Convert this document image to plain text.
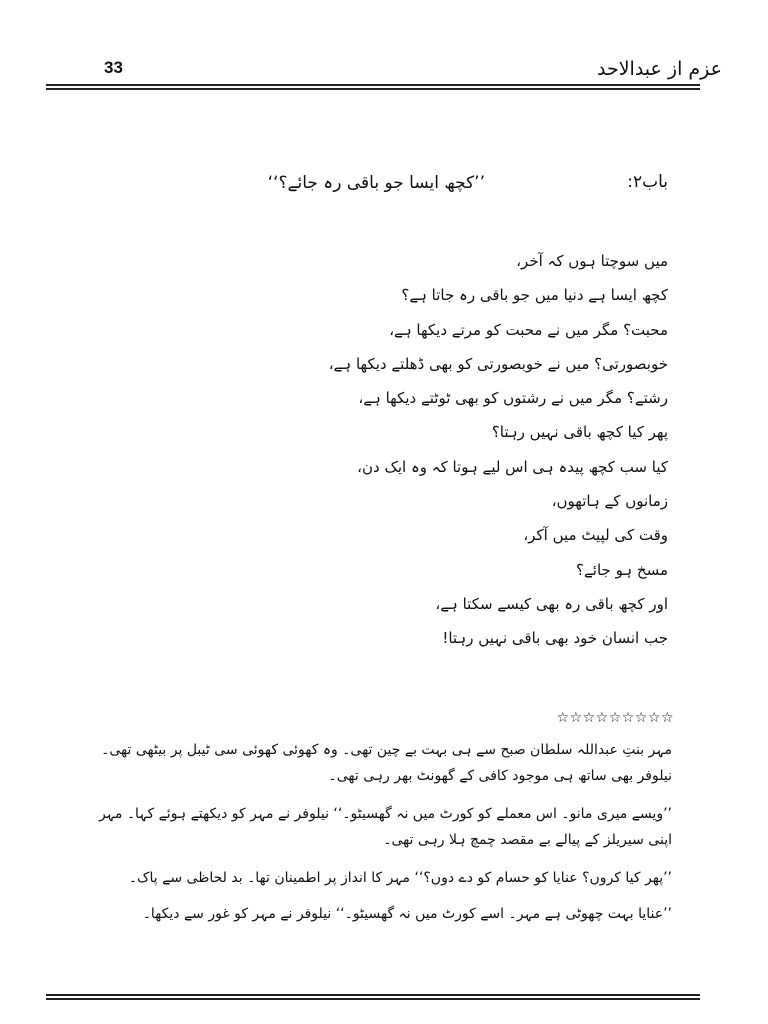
عزم از عبدالاحد
33
باب۲:
’’کچھ ایسا جو باقی رہ جائے؟‘‘
میں سوچتا ہوں کہ آخر،
کچھ ایسا ہے دنیا میں جو باقی رہ جاتا ہے؟
محبت؟ مگر میں نے محبت کو مرتے دیکھا ہے،
خوبصورتی؟ میں نے خوبصورتی کو بھی ڈھلتے دیکھا ہے،
رشتے؟ مگر میں نے رشتوں کو بھی ٹوٹتے دیکھا ہے،
پھر کیا کچھ باقی نہیں رہتا؟
کیا سب کچھ پیدہ ہی اس لیے ہوتا کہ وہ ایک دن،
زمانوں کے ہاتھوں،
وقت کی لپیٹ میں آکر،
مسخ ہو جائے؟
اور کچھ باقی رہ بھی کیسے سکتا ہے،
جب انسان خود بھی باقی نہیں رہتا!
☆☆☆☆☆☆☆☆☆

مہر بنتِ عبداللہ سلطان صبح سے ہی بہت بے چین تھی۔ وہ کھوئی کھوئی سی ٹیبل پر بیٹھی تھی۔ نیلوفر بھی ساتھ ہی موجود کافی کے گھونٹ بھر رہی تھی۔

’’ویسے میری مانو۔ اس معملے کو کورٹ میں نہ گھسیٹو۔‘‘ نیلوفر نے مہر کو دیکھتے ہوئے کہا۔ مہر اپنی سیریلز کے پیالے بے مقصد چمچ ہلا رہی تھی۔

’’پھر کیا کروں؟ عنایا کو حسام کو دے دوں؟‘‘ مہر کا انداز پر اطمینان تھا۔ بد لحاظی سے پاک۔

’’عنایا بہت چھوٹی ہے مہر۔ اسے کورٹ میں نہ گھسیٹو۔‘‘ نیلوفر نے مہر کو غور سے دیکھا۔
